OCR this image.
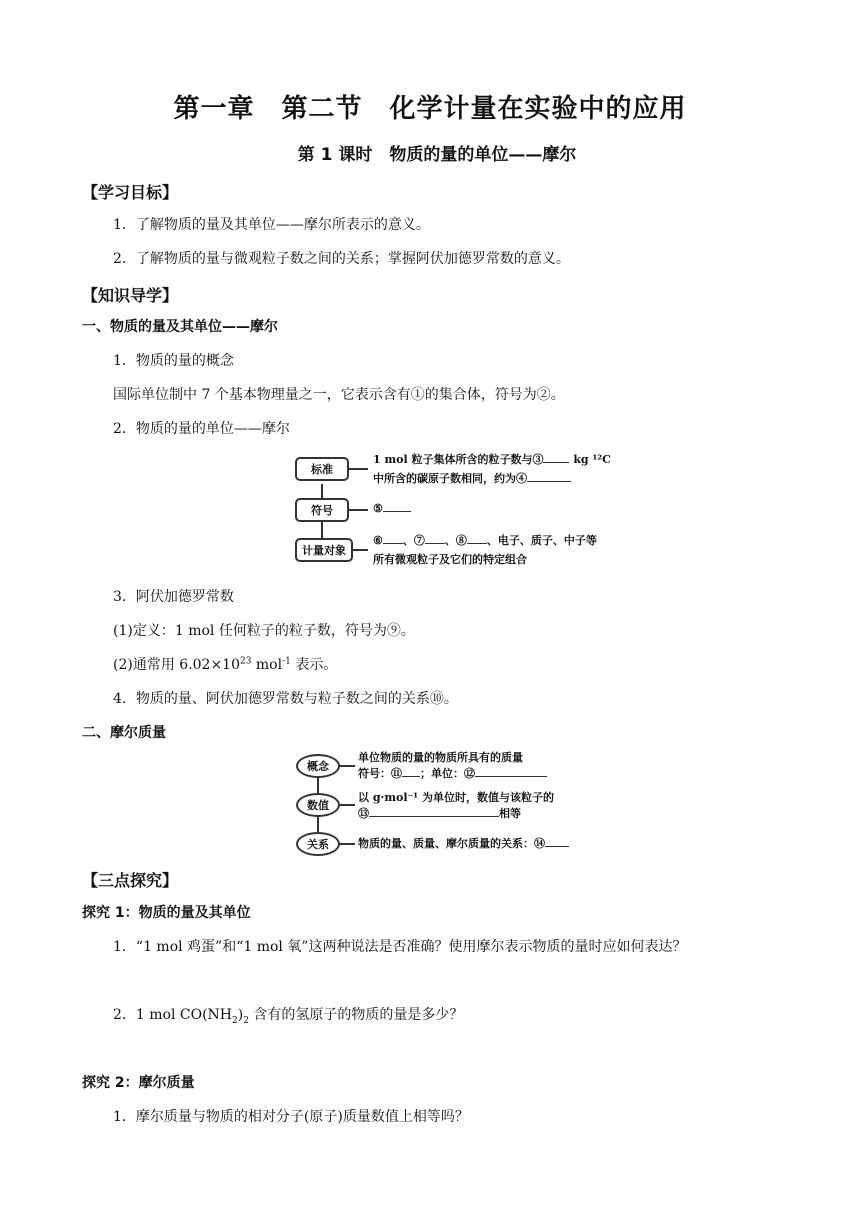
第一章　第二节　化学计量在实验中的应用
第 1 课时　物质的量的单位——摩尔
【学习目标】
1．了解物质的量及其单位——摩尔所表示的意义。
2．了解物质的量与微观粒子数之间的关系；掌握阿伏加德罗常数的意义。
【知识导学】
一、物质的量及其单位——摩尔
1．物质的量的概念
国际单位制中 7 个基本物理量之一，它表示含有①的集合体，符号为②。
2．物质的量的单位——摩尔
标准
符号
计量对象
1 mol 粒子集体所含的粒子数与③	kg ¹²C
中所含的碳原子数相同，约为④
⑤
⑥ 、⑦ 、⑧ 、电子、质子、中子等
所有微观粒子及它们的特定组合
3．阿伏加德罗常数
(1)定义：1 mol 任何粒子的粒子数，符号为⑨。
(2)通常用 $6.02\times 10^{23}$ mol$^{-1}$ 表示。
4．物质的量、阿伏加德罗常数与粒子数之间的关系⑩。
二、摩尔质量
概念
数值
关系
单位物质的量的物质所具有的质量
符号：⑪ ；单位：⑫
以 g·mol⁻¹ 为单位时，数值与该粒子的
⑬	相等
物质的量、质量、摩尔质量的关系：⑭
【三点探究】
探究 1：物质的量及其单位
1．“1 mol 鸡蛋”和“1 mol 氧”这两种说法是否准确？使用摩尔表示物质的量时应如何表达？
2．1 mol $CO(NH_2)_2$ 含有的氢原子的物质的量是多少？
探究 2：摩尔质量
1．摩尔质量与物质的相对分子(原子)质量数值上相等吗？
